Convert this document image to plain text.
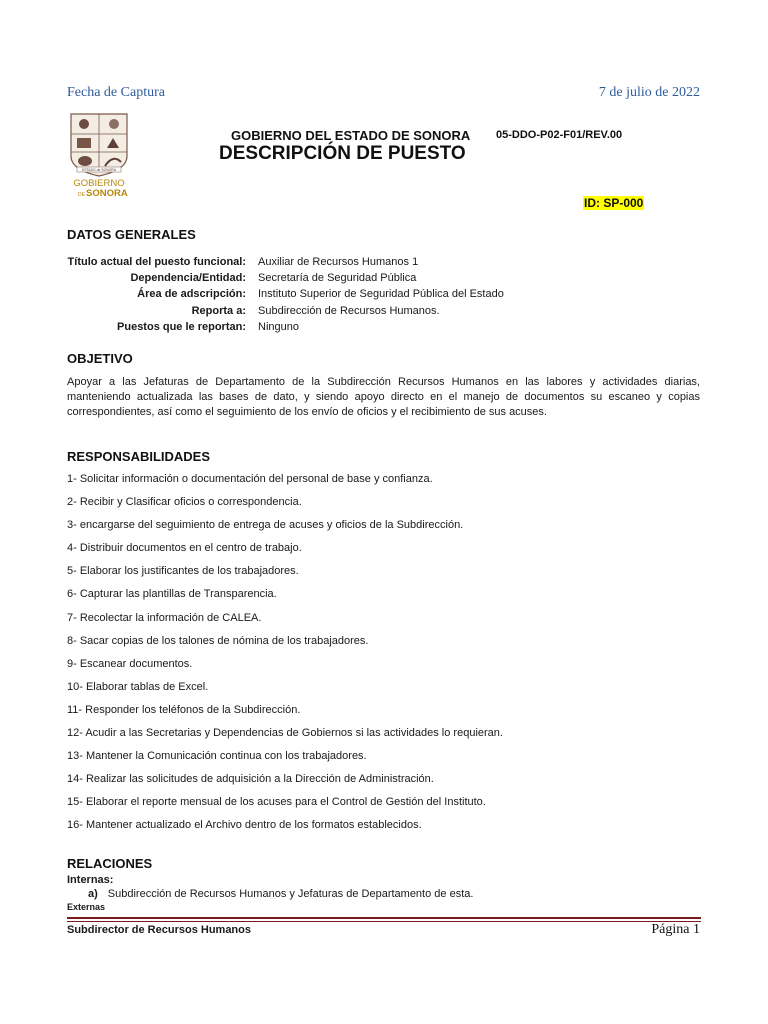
Fecha de Captura	7 de julio de 2022
ESTADO de SONORA
GOBIERNO
DE SONORA
GOBIERNO DEL ESTADO DE SONORA 05-DDO-P02-F01/REV.00
DESCRIPCIÓN DE PUESTO
ID: SP-000
DATOS GENERALES
Título actual del puesto funcional:	Auxiliar de Recursos Humanos 1
Dependencia/Entidad:	Secretaría de Seguridad Pública
Área de adscripción:	Instituto Superior de Seguridad Pública del Estado
Reporta a:	Subdirección de Recursos Humanos.
Puestos que le reportan:	Ninguno
OBJETIVO
Apoyar a las Jefaturas de Departamento de la Subdirección Recursos Humanos en las labores y actividades diarias, manteniendo actualizada las bases de dato, y siendo apoyo directo en el manejo de documentos su escaneo y copias correspondientes, así como el seguimiento de los envío de oficios y el recibimiento de sus acuses.
RESPONSABILIDADES
1- Solicitar información o documentación del personal de base y confianza.
2- Recibir y Clasificar oficios o correspondencia.
3- encargarse del seguimiento de entrega de acuses y oficios de la Subdirección.
4- Distribuir documentos en el centro de trabajo.
5- Elaborar los justificantes de los trabajadores.
6- Capturar las plantillas de Transparencia.
7- Recolectar la información de CALEA.
8- Sacar copias de los talones de nómina de los trabajadores.
9- Escanear documentos.
10- Elaborar tablas de Excel.
11- Responder los teléfonos de la Subdirección.
12- Acudir a las Secretarias y Dependencias de Gobiernos si las actividades lo requieran.
13- Mantener la Comunicación continua con los trabajadores.
14- Realizar las solicitudes de adquisición a la Dirección de Administración.
15- Elaborar el reporte mensual de los acuses para el Control de Gestión del Instituto.
16- Mantener actualizado el Archivo dentro de los formatos establecidos.
RELACIONES
Internas:
a) Subdirección de Recursos Humanos y Jefaturas de Departamento de esta.
Externas
Subdirector de Recursos Humanos	Página 1
